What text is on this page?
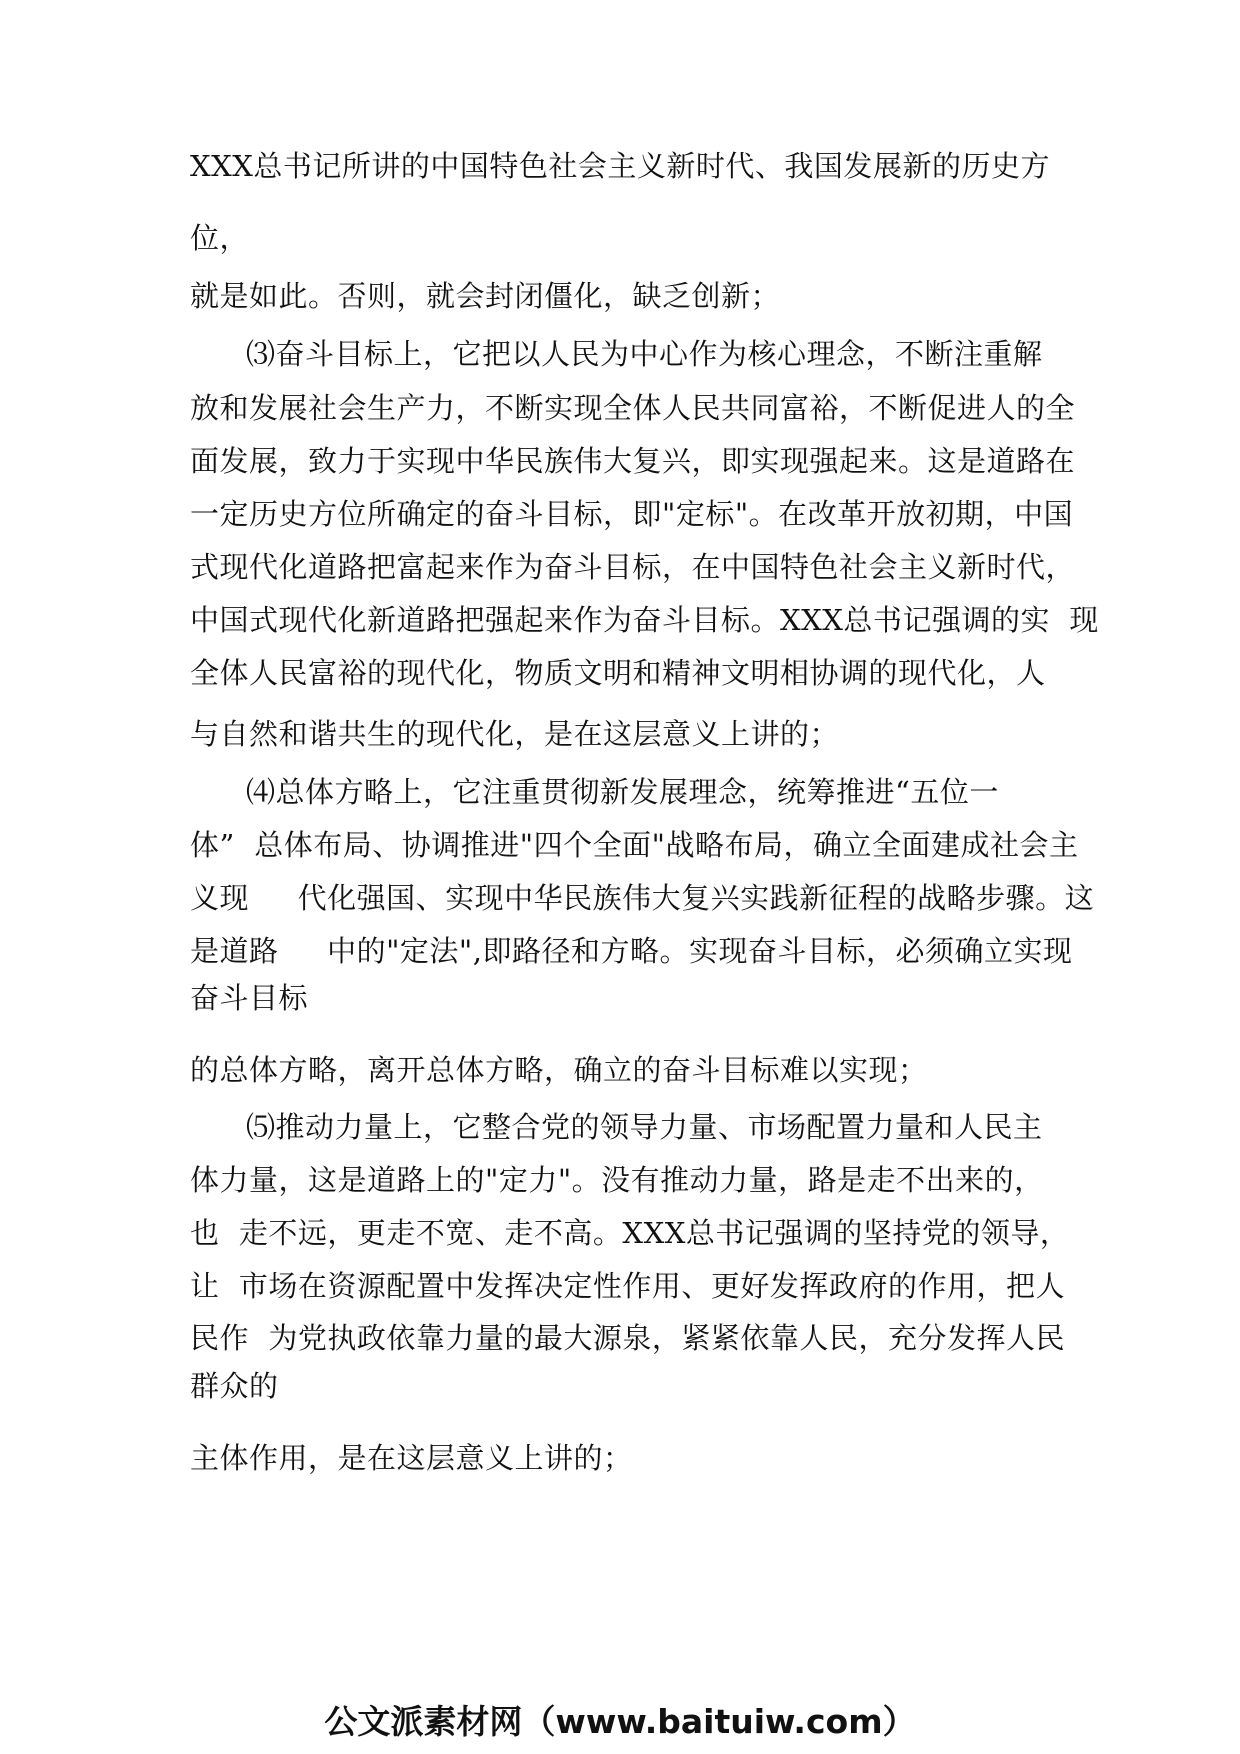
XXX总书记所讲的中国特色社会主义新时代、我国发展新的历史方
位，
就是如此。否则，就会封闭僵化，缺乏创新；
⑶奋斗目标上，它把以人民为中心作为核心理念，不断注重解
放和发展社会生产力，不断实现全体人民共同富裕，不断促进人的全
面发展，致力于实现中华民族伟大复兴，即实现强起来。这是道路在
一定历史方位所确定的奋斗目标，即"定标"。在改革开放初期，中国
式现代化道路把富起来作为奋斗目标，在中国特色社会主义新时代，
中国式现代化新道路把强起来作为奋斗目标。XXX总书记强调的实  现
全体人民富裕的现代化，物质文明和精神文明相协调的现代化，人
与自然和谐共生的现代化，是在这层意义上讲的；
⑷总体方略上，它注重贯彻新发展理念，统筹推进“五位一
体”  总体布局、协调推进"四个全面"战略布局，确立全面建成社会主
义现     代化强国、实现中华民族伟大复兴实践新征程的战略步骤。这
是道路     中的"定法",即路径和方略。实现奋斗目标，必须确立实现
奋斗目标
的总体方略，离开总体方略，确立的奋斗目标难以实现；
⑸推动力量上，它整合党的领导力量、市场配置力量和人民主
体力量，这是道路上的"定力"。没有推动力量，路是走不出来的，
也  走不远，更走不宽、走不高。XXX总书记强调的坚持党的领导，
让  市场在资源配置中发挥决定性作用、更好发挥政府的作用，把人
民作  为党执政依靠力量的最大源泉，紧紧依靠人民，充分发挥人民
群众的
主体作用，是在这层意义上讲的；
公文派素材网（www.baituiw.com）
